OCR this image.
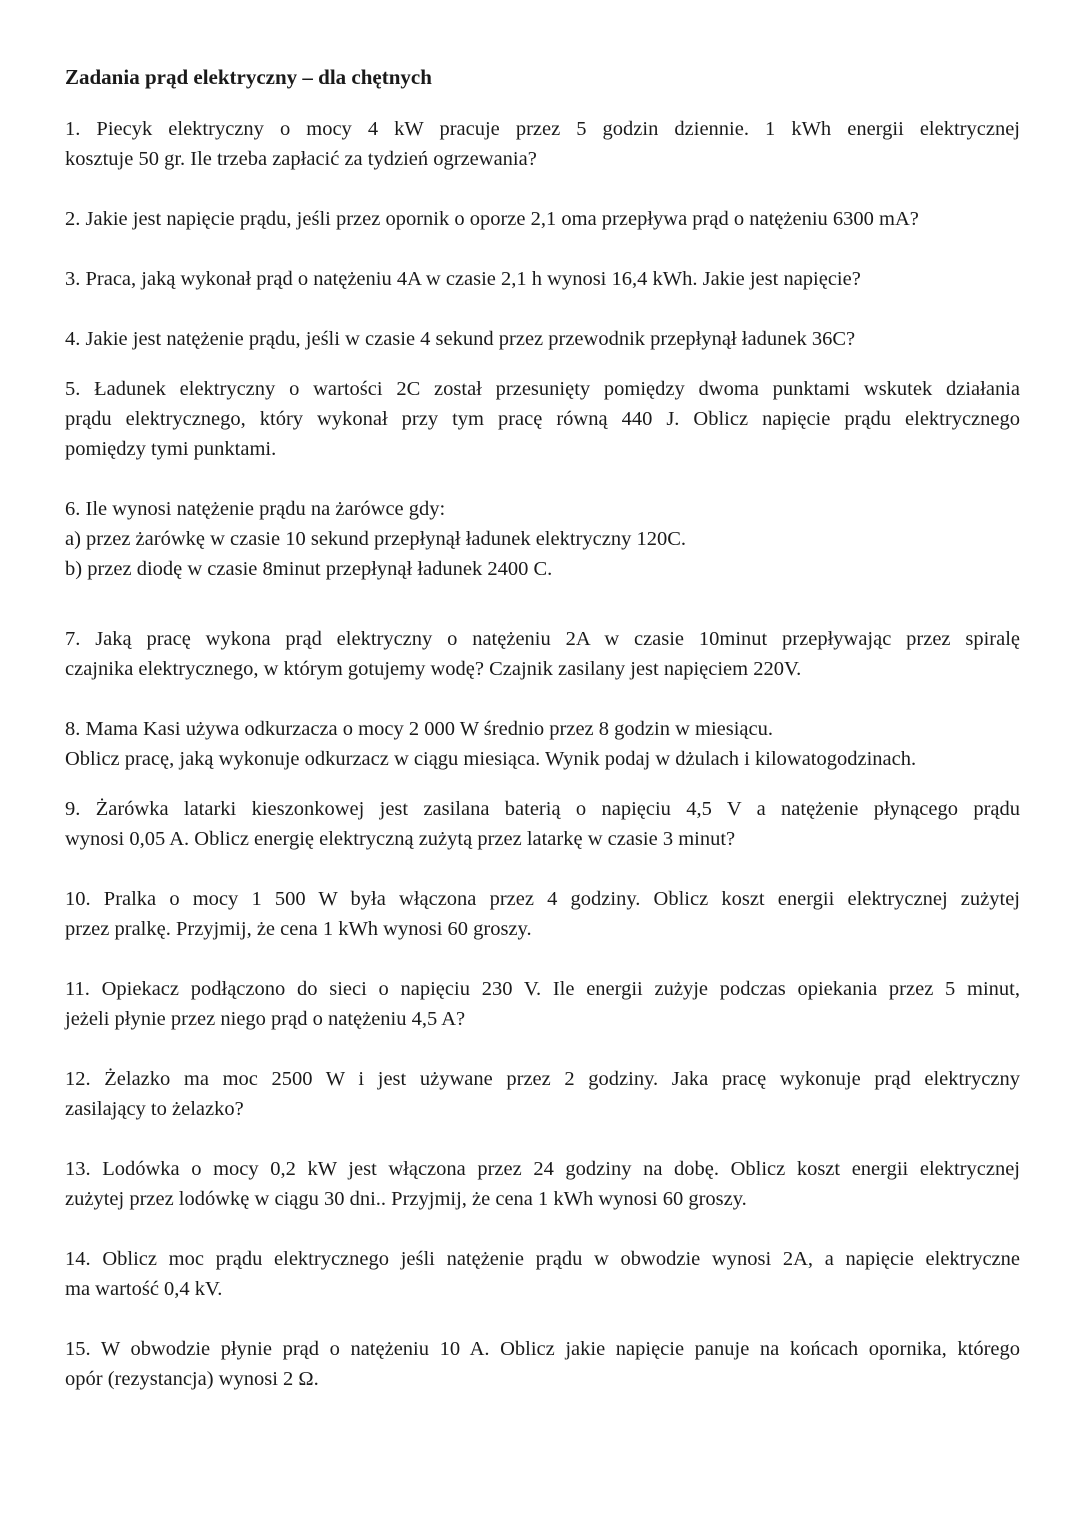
Zadania prąd elektryczny – dla chętnych
1. Piecyk elektryczny o mocy 4 kW pracuje przez 5 godzin dziennie. 1 kWh energii elektrycznej
kosztuje 50 gr. Ile trzeba zapłacić za tydzień ogrzewania?
2. Jakie jest napięcie prądu, jeśli przez opornik o oporze 2,1 oma przepływa prąd o natężeniu 6300 mA?
3. Praca, jaką wykonał prąd o natężeniu 4A w czasie 2,1 h wynosi 16,4 kWh. Jakie jest napięcie?
4. Jakie jest natężenie prądu, jeśli w czasie 4 sekund przez przewodnik przepłynął ładunek 36C?
5. Ładunek elektryczny o wartości 2C został przesunięty pomiędzy dwoma punktami wskutek działania
prądu elektrycznego, który wykonał przy tym pracę równą 440 J. Oblicz napięcie prądu elektrycznego
pomiędzy tymi punktami.
6. Ile wynosi natężenie prądu na żarówce gdy:
a) przez żarówkę w czasie 10 sekund przepłynął ładunek elektryczny 120C.
b) przez diodę w czasie 8minut przepłynął ładunek 2400 C.
7. Jaką pracę wykona prąd elektryczny o natężeniu 2A w czasie 10minut przepływając przez spiralę
czajnika elektrycznego, w którym gotujemy wodę? Czajnik zasilany jest napięciem 220V.
8. Mama Kasi używa odkurzacza o mocy 2 000 W średnio przez 8 godzin w miesiącu.
Oblicz pracę, jaką wykonuje odkurzacz w ciągu miesiąca. Wynik podaj w dżulach i kilowatogodzinach.
9. Żarówka latarki kieszonkowej jest zasilana baterią o napięciu 4,5 V a natężenie płynącego prądu
wynosi 0,05 A. Oblicz energię elektryczną zużytą przez latarkę w czasie 3 minut?
10. Pralka o mocy 1 500 W była włączona przez 4 godziny. Oblicz koszt energii elektrycznej zużytej
przez pralkę. Przyjmij, że cena 1 kWh wynosi 60 groszy.
11. Opiekacz podłączono do sieci o napięciu 230 V. Ile energii zużyje podczas opiekania przez 5 minut,
jeżeli płynie przez niego prąd o natężeniu 4,5 A?
12. Żelazko ma moc 2500 W i jest używane przez 2 godziny. Jaka pracę wykonuje prąd elektryczny
zasilający to żelazko?
13. Lodówka o mocy 0,2 kW jest włączona przez 24 godziny na dobę. Oblicz koszt energii elektrycznej
zużytej przez lodówkę w ciągu 30 dni.. Przyjmij, że cena 1 kWh wynosi 60 groszy.
14. Oblicz moc prądu elektrycznego jeśli natężenie prądu w obwodzie wynosi 2A, a napięcie elektryczne
ma wartość 0,4 kV.
15. W obwodzie płynie prąd o natężeniu 10 A. Oblicz jakie napięcie panuje na końcach opornika, którego
opór (rezystancja) wynosi 2 Ω.
